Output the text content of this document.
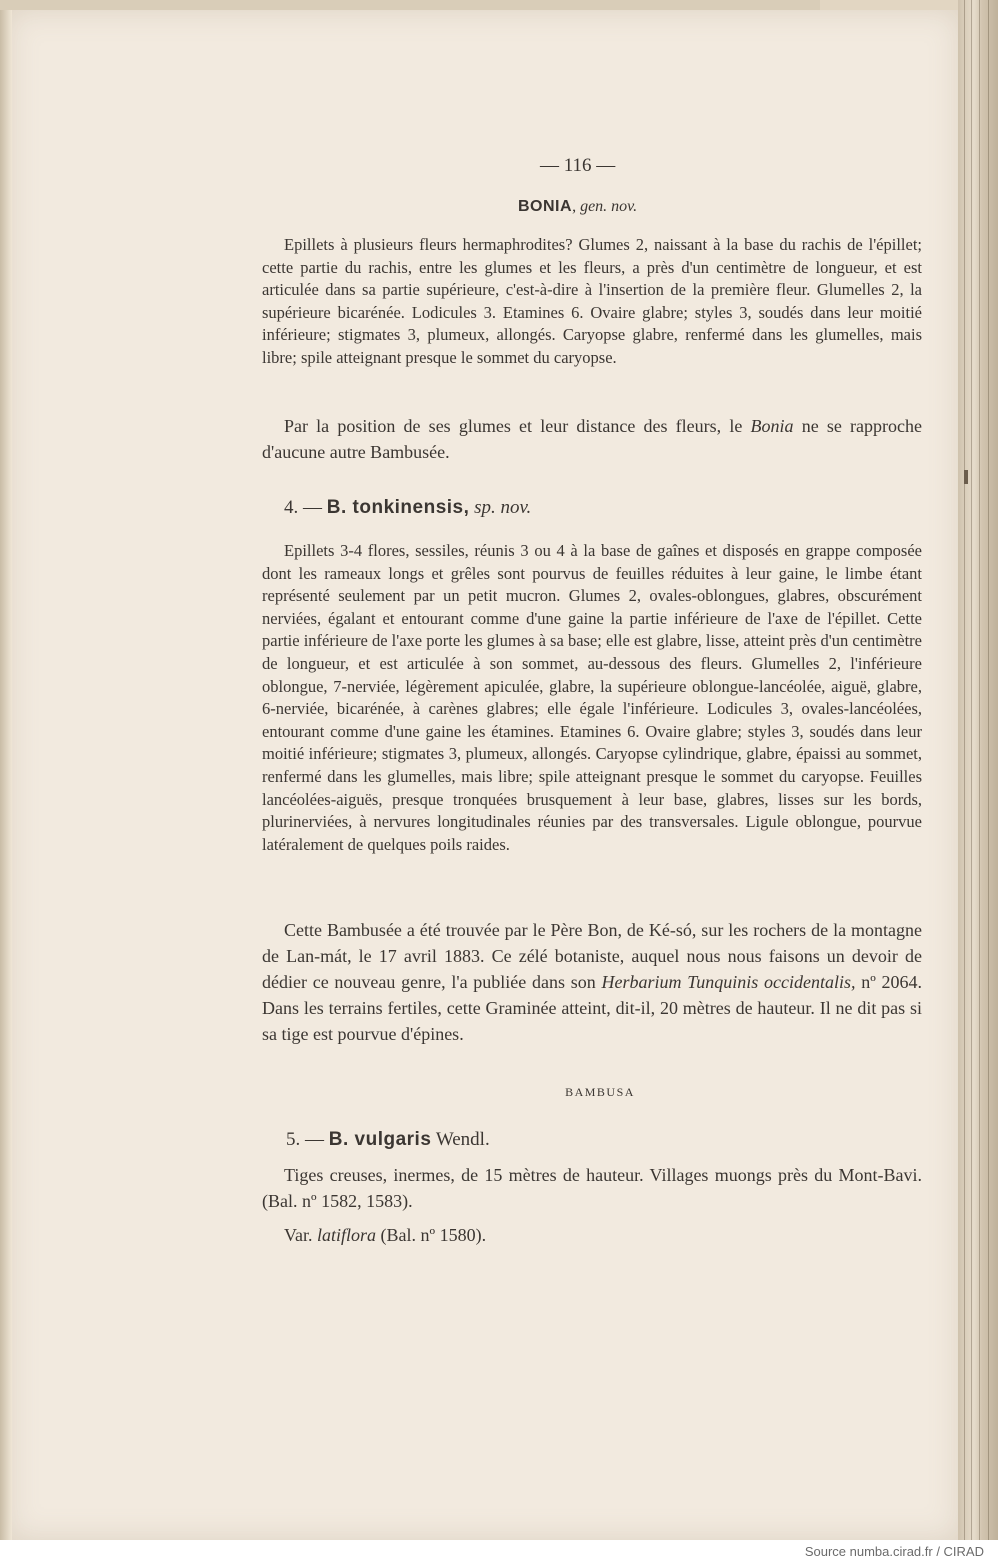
— 116 —
BONIA, gen. nov.

Epillets à plusieurs fleurs hermaphrodites? Glumes 2, naissant à la base du rachis de l'épillet; cette partie du rachis, entre les glumes et les fleurs, a près d'un centimètre de longueur, et est articulée dans sa partie supérieure, c'est-à-dire à l'insertion de la première fleur. Glumelles 2, la supérieure bicarénée. Lodicules 3. Etamines 6. Ovaire glabre; styles 3, soudés dans leur moitié inférieure; stigmates 3, plumeux, allongés. Caryopse glabre, renfermé dans les glumelles, mais libre; spile atteignant presque le sommet du caryopse.

Par la position de ses glumes et leur distance des fleurs, le Bonia ne se rapproche d'aucune autre Bambusée.

4. — B. tonkinensis, sp. nov.

Epillets 3-4 flores, sessiles, réunis 3 ou 4 à la base de gaînes et disposés en grappe composée dont les rameaux longs et grêles sont pourvus de feuilles réduites à leur gaine, le limbe étant représenté seulement par un petit mucron. Glumes 2, ovales-oblongues, glabres, obscurément nerviées, égalant et entourant comme d'une gaine la partie inférieure de l'axe de l'épillet. Cette partie inférieure de l'axe porte les glumes à sa base; elle est glabre, lisse, atteint près d'un centimètre de longueur, et est articulée à son sommet, au-dessous des fleurs. Glumelles 2, l'inférieure oblongue, 7-nerviée, légèrement apiculée, glabre, la supérieure oblongue-lancéolée, aiguë, glabre, 6-nerviée, bicarénée, à carènes glabres; elle égale l'inférieure. Lodicules 3, ovales-lancéolées, entourant comme d'une gaine les étamines. Etamines 6. Ovaire glabre; styles 3, soudés dans leur moitié inférieure; stigmates 3, plumeux, allongés. Caryopse cylindrique, glabre, épaissi au sommet, renfermé dans les glumelles, mais libre; spile atteignant presque le sommet du caryopse. Feuilles lancéolées-aiguës, presque tronquées brusquement à leur base, glabres, lisses sur les bords, plurinerviées, à nervures longitudinales réunies par des transversales. Ligule oblongue, pourvue latéralement de quelques poils raides.

Cette Bambusée a été trouvée par le Père Bon, de Ké-só, sur les rochers de la montagne de Lan-mát, le 17 avril 1883. Ce zélé botaniste, auquel nous nous faisons un devoir de dédier ce nouveau genre, l'a publiée dans son Herbarium Tunquinis occidentalis, nº 2064. Dans les terrains fertiles, cette Graminée atteint, dit-il, 20 mètres de hauteur. Il ne dit pas si sa tige est pourvue d'épines.

BAMBUSA
5. — B. vulgaris Wendl.

Tiges creuses, inermes, de 15 mètres de hauteur. Villages muongs près du Mont-Bavi. (Bal. nº 1582, 1583).

Var. latiflora (Bal. nº 1580).

Source numba.cirad.fr / CIRAD
